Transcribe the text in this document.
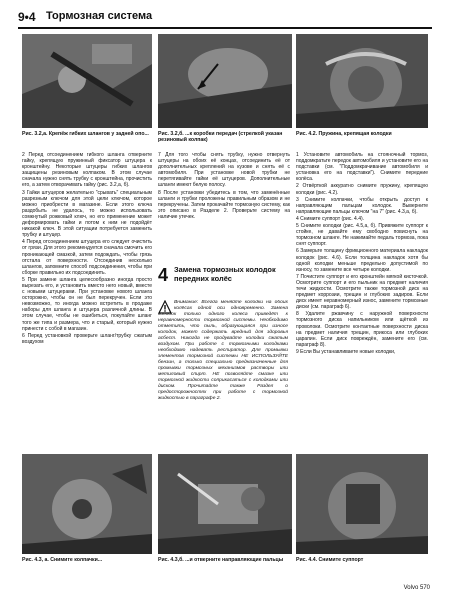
9•4 Тормозная система
Рис. 3.2,а. Крепёж гибких шлангов у задней опо...	Рис. 3.2,б. ...к коробки передач (стрелкой указан резиновый колпак)
Рис. 4.2. Пружина, крепящая колодки

2 Перед отсоединением гибкого шланга отверните гайку, крепящую пружинный фиксатор штуцера к кронштейну. Некоторые штуцеры гибких шлангов защищены резиновым колпаком. В этом случае сначала нужно снять трубку с кронштейна, прочистить его, а затем отворачивать гайку (рис. 3.2,а, б).

3 Гайки штуцеров желательно "срывать" специальным разрезным ключом для этой цели ключом, которое можно приобрести в магазине. Если этого ключа раздобыть не удалось, то можно использовать сомкнутый рожковый ключ, но его применение может деформировать гайки и потом к ним не подойдёт никакой ключ. В этой ситуации потребуется заменить трубку и штуцер.

4 Перед отсоединением штуцера его следует очистить от грязи. Для этого рекомендуется сначала смочить его проникающей смазкой, затем подождать, чтобы грязь отстала от поверхности. Отсоединив несколько шлангов, запомните способ подсоединения, чтобы при сборке правильно их подсоединить.

5 При замене шланга целесообразно иногда просто вырезать его, и установить вместо него новый, вместе с новыми штуцерами. При установке нового шланга осторожно, чтобы он не был перекручен. Если это невозможно, то иногда можно встретить в продаже наборы для шланга и штуцера различной длины. В этом случае, чтобы не ошибиться, покупайте шланг того же типа и размера, что и старый, который нужно принести с собой в магазин.

6 Перед установкой проверьте шланг/трубку сжатым воздухом

7 Для того чтобы снять трубку, нужно отвернуть штуцеры на обоих её концах, отсоединить её от дополнительных креплений на кузове и снять её с автомобиля. При установке новой трубки не перетягивайте гайки её штуцеров. Дополнительные шланги имеют белую полосу.

8 После установки убедитесь в том, что заменённые шланги и трубки проложены правильным образом и не перекручены. Затем прокачайте тормозную систему, как это описано в Разделе 2. Проверьте систему на наличие утечек.

4 Замена тормозных колодок передних колёс
Внимание: Всегда меняйте колодки на обоих колёсах одной оси одновременно. Замена колодок только одного колеса приведёт к неравномерности тормозной системы. Необходимо отметить, что пыль, образующаяся при износе колодок, может содержать вредный для здоровья асбест. Никогда не продувайте колодки сжатым воздухом. При работе с тормозными колодками необходимо надевать респиратор. Для промывки элементов тормозной системы НЕ ИСПОЛЬЗУЙТЕ бензин, а только специально предназначенные для промывки тормозных механизмов растворы или метиловый спирт. НЕ позволяйте смазке или тормозной жидкости соприкасаться с колодками или диском. Прочитайте также Раздел о предосторожностях при работе с тормозной жидкостью в параграфе 2.

1 Установите автомобиль на стояночный тормоз, поддомкратьте передок автомобиля и установите его на подставки (см. "Поддомкрачивание автомобиля и установка его на подставки"). Снимите передние колёса.

2 Отвёрткой аккуратно снимите пружину, крепящую колодки (рис. 4.2).

3 Снимите колпачки, чтобы открыть доступ к направляющим пальцам колодок. Выверните направляющие пальцы ключом "на 7" (рис. 4.3,а, б).

4 Снимите суппорт (рис. 4.4).

5 Снимите колодки (рис. 4.5,а, б). Привяжите суппорт к стойке, не давайте ему свободно повиснуть на тормозном шланге. Не нажимайте педаль тормоза, пока снят суппорт.

6 Замерьте толщину фрикционного материала накладок колодок (рис. 4.6). Если толщина накладок хотя бы одной колодки меньше предельно допустимой по износу, то замените все четыре колодки.

7 Почистите суппорт и его кронштейн мягкой кисточкой. Осмотрите суппорт и его пыльник на предмет наличия течи жидкости. Осмотрите также тормозной диск на предмет коррозии, трещин и глубоких задиров. Если диск имеет неравномерный износ, замените тормозные диски (см. параграф 6).

8 Удалите ржавчину с наружной поверхности тормозного диска напильником или щёткой из проволоки. Осмотрите контактные поверхности диска на предмет наличия трещин, прикоса или глубоких царапин. Если диск повреждён, замените его (см. параграф 8).

9 Если Вы устанавливаете новые колодки,

Рис. 4.3, а. Снимите колпачки...	Рис. 4.3,б. ...и отверните направляющие пальцы	Рис. 4.4. Снимите суппорт
Volvo 570
